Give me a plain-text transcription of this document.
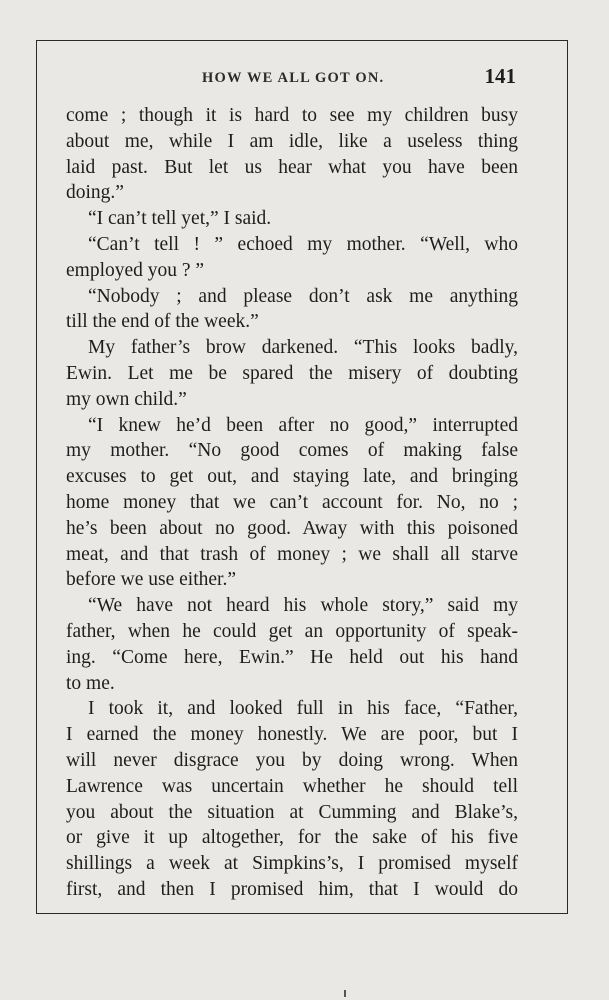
HOW WE ALL GOT ON.	141
come ; though it is hard to see my children busy
about me, while I am idle, like a useless thing
laid past. But let us hear what you have been
doing.”
“I can’t tell yet,” I said.
“Can’t tell ! ” echoed my mother. “Well, who
employed you ? ”
“Nobody ; and please don’t ask me anything
till the end of the week.”
My father’s brow darkened. “This looks badly,
Ewin. Let me be spared the misery of doubting
my own child.”
“I knew he’d been after no good,” interrupted
my mother. “No good comes of making false
excuses to get out, and staying late, and bringing
home money that we can’t account for. No, no ;
he’s been about no good. Away with this poisoned
meat, and that trash of money ; we shall all starve
before we use either.”
“We have not heard his whole story,” said my
father, when he could get an opportunity of speak-
ing. “Come here, Ewin.” He held out his hand
to me.
I took it, and looked full in his face, “Father,
I earned the money honestly. We are poor, but I
will never disgrace you by doing wrong. When
Lawrence was uncertain whether he should tell
you about the situation at Cumming and Blake’s,
or give it up altogether, for the sake of his five
shillings a week at Simpkins’s, I promised myself
first, and then I promised him, that I would do
